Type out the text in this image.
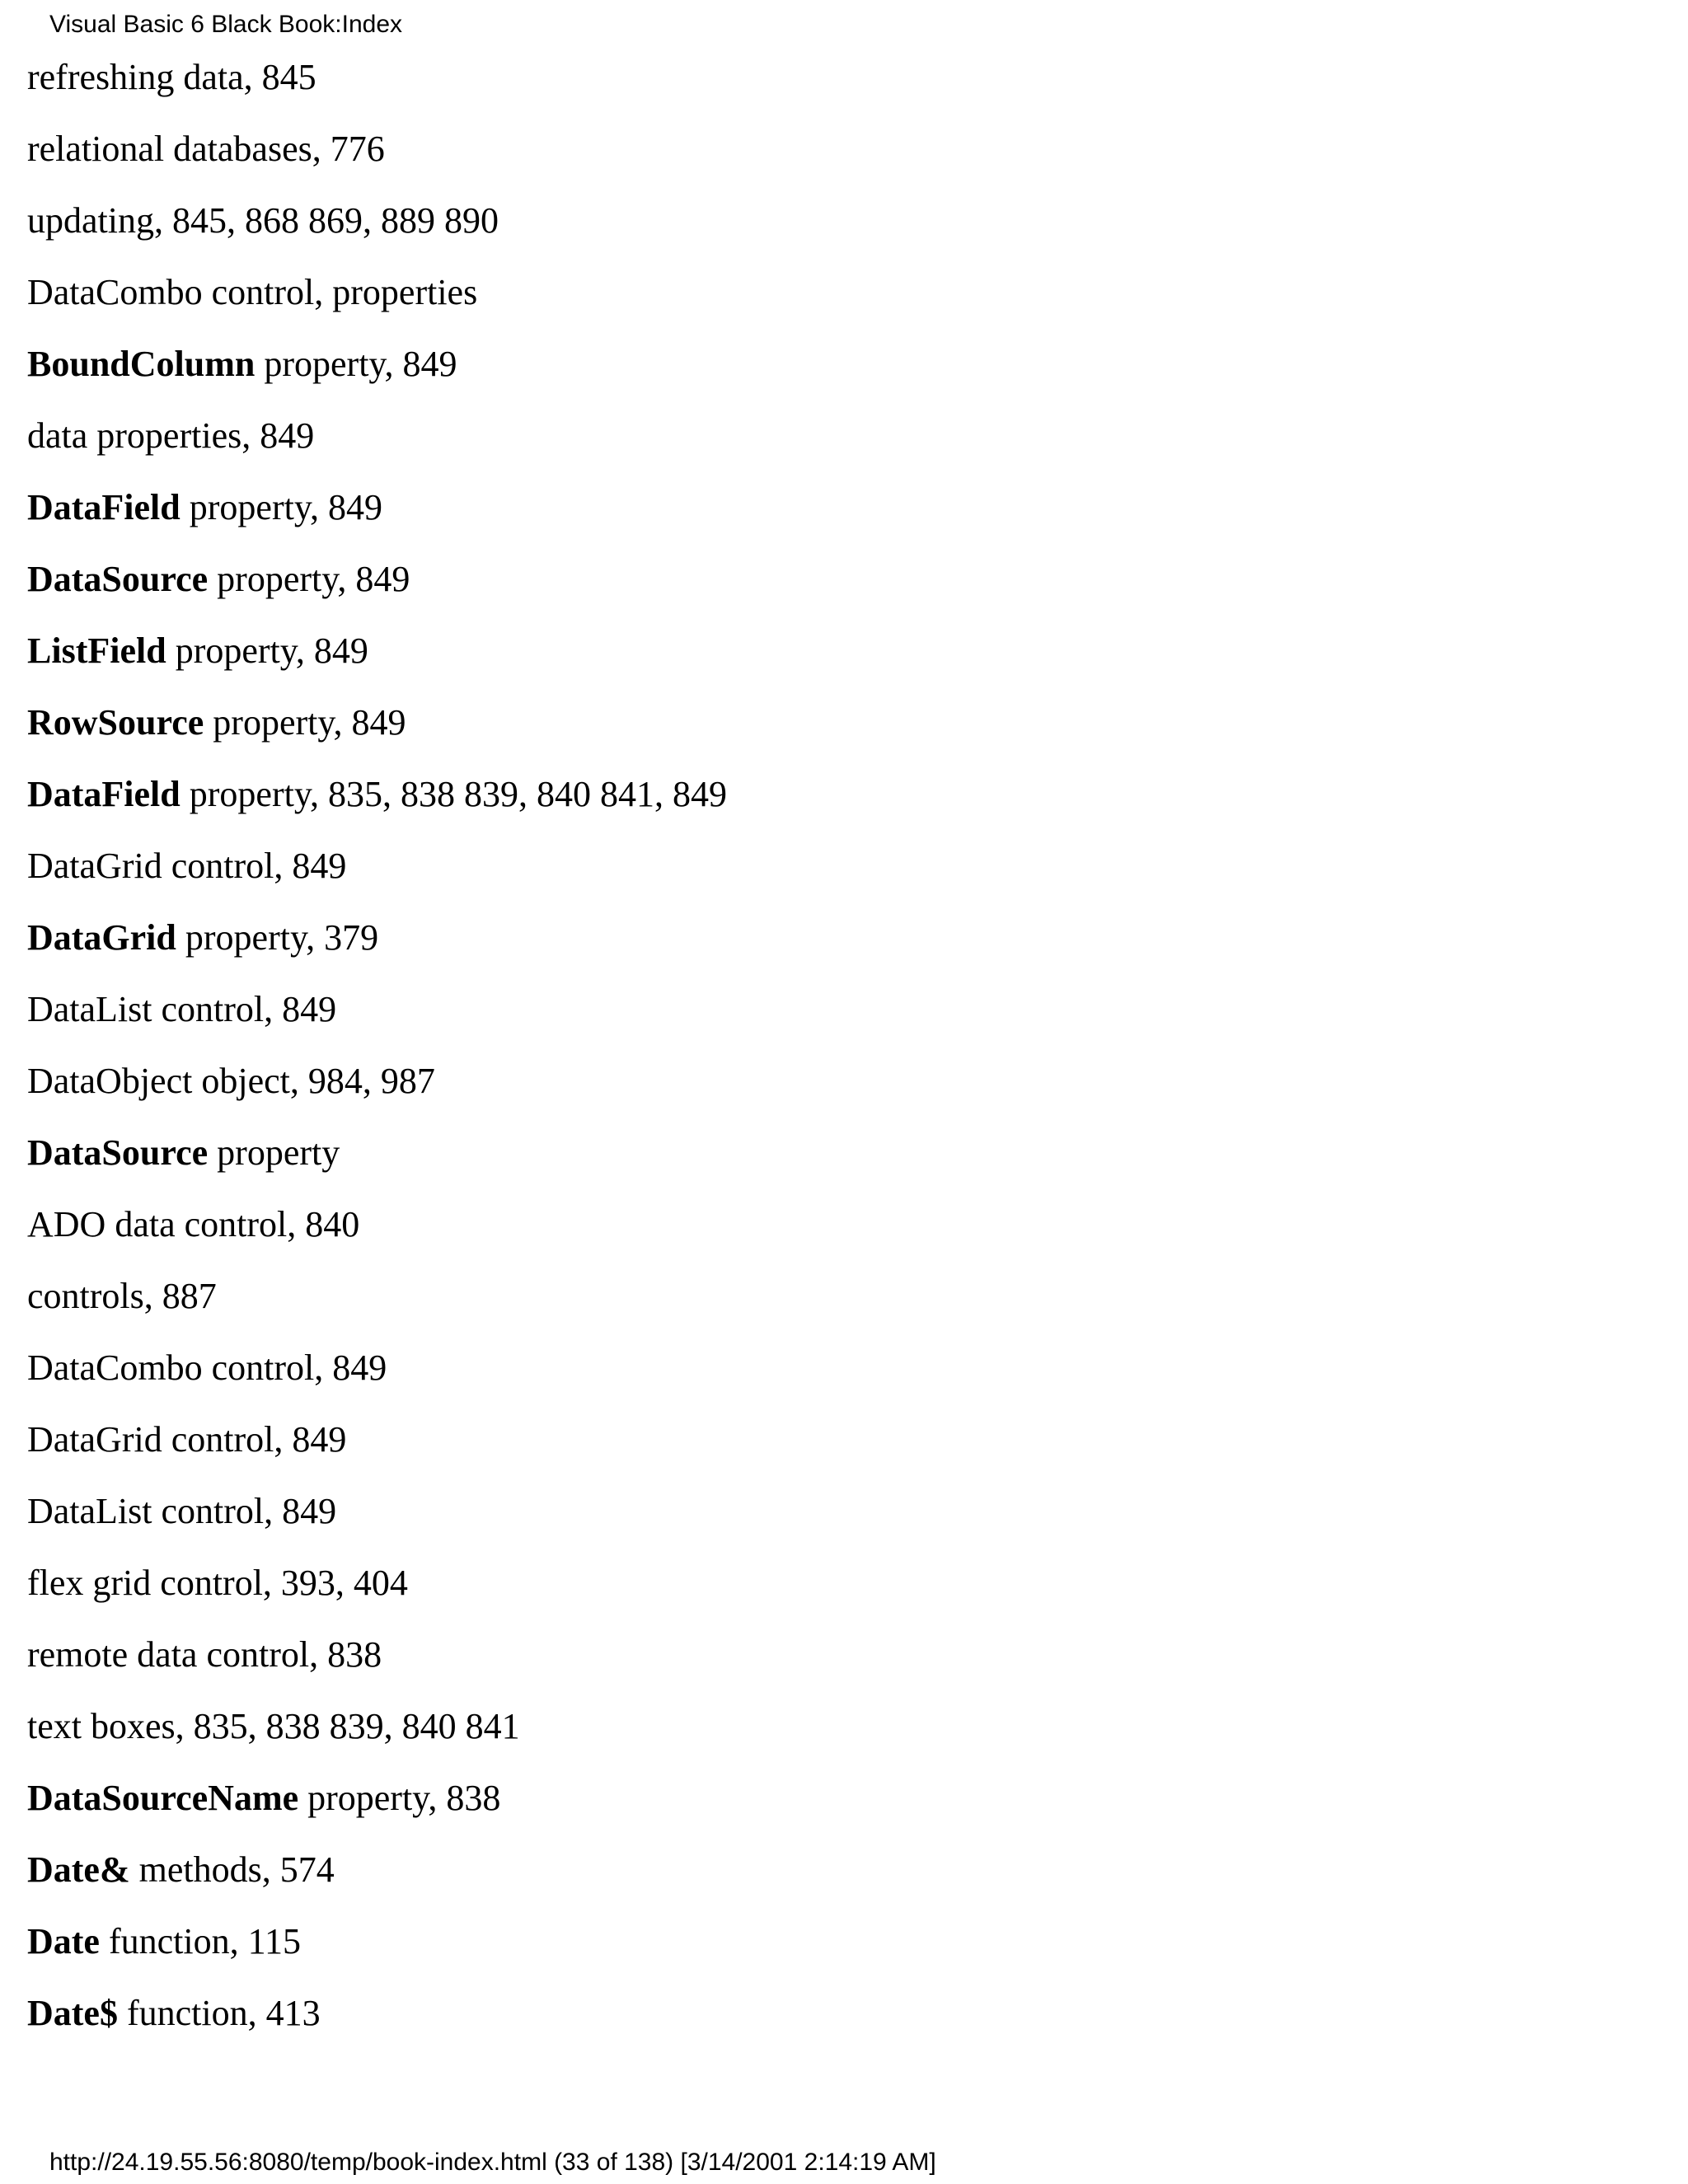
Visual Basic 6 Black Book:Index
refreshing data, 845
relational databases, 776
updating, 845, 868 869, 889 890
DataCombo control, properties
BoundColumn property, 849
data properties, 849
DataField property, 849
DataSource property, 849
ListField property, 849
RowSource property, 849
DataField property, 835, 838 839, 840 841, 849
DataGrid control, 849
DataGrid property, 379
DataList control, 849
DataObject object, 984, 987
DataSource property
ADO data control, 840
controls, 887
DataCombo control, 849
DataGrid control, 849
DataList control, 849
flex grid control, 393, 404
remote data control, 838
text boxes, 835, 838 839, 840 841
DataSourceName property, 838
Date& methods, 574
Date function, 115
Date$ function, 413
http://24.19.55.56:8080/temp/book-index.html (33 of 138) [3/14/2001 2:14:19 AM]
